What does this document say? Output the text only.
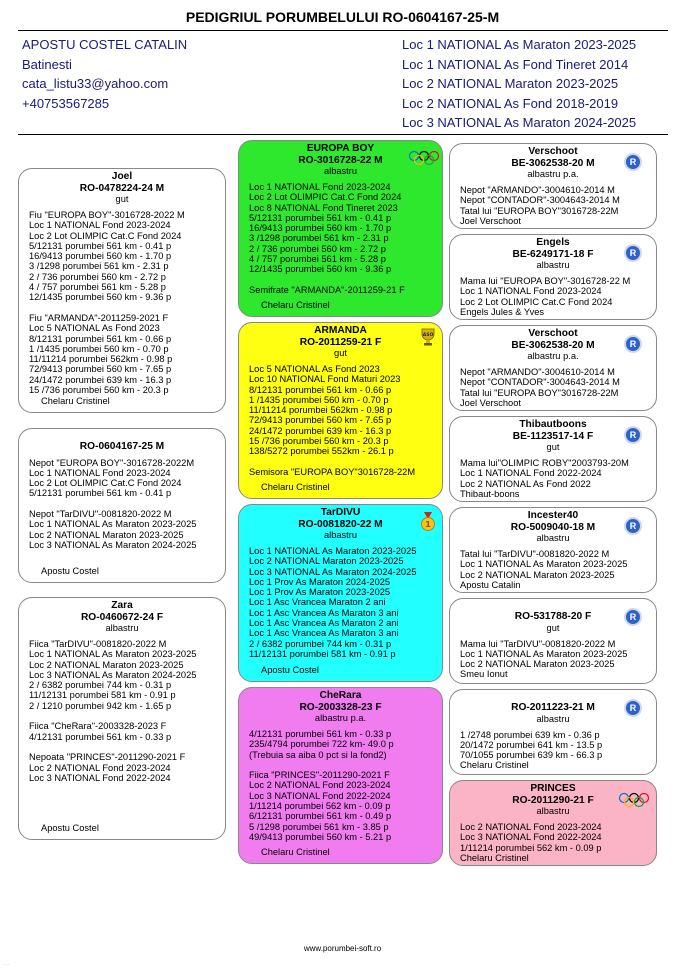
PEDIGRIUL PORUMBELULUI RO-0604167-25-M
APOSTU COSTEL CATALIN
Batinesti
cata_listu33@yahoo.com
+40753567285
Loc 1 NATIONAL As Maraton 2023-2025
Loc 1 NATIONAL As Fond Tineret 2014
Loc 2 NATIONAL Maraton 2023-2025
Loc 2 NATIONAL As Fond 2018-2019
Loc 3 NATIONAL As Maraton 2024-2025
Joel
RO-0478224-24 M
gut
Fiu "EUROPA BOY"-3016728-2022 M
Loc 1 NATIONAL Fond 2023-2024
Loc 2 Lot OLIMPIC Cat.C Fond 2024
5/12131 porumbei 561 km - 0.41 p
16/9413 porumbei 560 km - 1.70 p
3 /1298 porumbei 561 km - 2.31 p
2 / 736 porumbei 560 km - 2.72 p
4 / 757 porumbei 561 km - 5.28 p
12/1435 porumbei 560 km - 9.36 p
Fiu "ARMANDA"-2011259-2021 F
Loc 5 NATIONAL As Fond 2023
8/12131 porumbei 561 km - 0.66 p
1 /1435 porumbei 560 km - 0.70 p
11/11214 porumbei 562km - 0.98 p
72/9413 porumbei 560 km - 7.65 p
24/1472 porumbei 639 km - 16.3 p
15 /736 porumbei 560 km - 20.3 p
Chelaru Cristinel
RO-0604167-25 M
Nepot "EUROPA BOY"-3016728-2022M
Loc 1 NATIONAL Fond 2023-2024
Loc 2 Lot OLIMPIC Cat.C Fond 2024
5/12131 porumbei 561 km - 0.41 p
Nepot "TarDIVU"-0081820-2022 M
Loc 1 NATIONAL As Maraton 2023-2025
Loc 2 NATIONAL Maraton 2023-2025
Loc 3 NATIONAL As Maraton 2024-2025
Apostu Costel
Zara
RO-0460672-24 F
albastru
Fiica "TarDIVU"-0081820-2022 M
Loc 1 NATIONAL As Maraton 2023-2025
Loc 2 NATIONAL Maraton 2023-2025
Loc 3 NATIONAL As Maraton 2024-2025
2 / 6382 porumbei 744 km - 0.31 p
11/12131 porumbei 581 km - 0.91 p
2 / 1210 porumbei 942 km - 1.65 p
Fiica "CheRara"-2003328-2023 F
4/12131 porumbei 561 km - 0.33 p
Nepoata "PRINCES"-2011290-2021 F
Loc 2 NATIONAL Fond 2023-2024
Loc 3 NATIONAL Fond 2022-2024
Apostu Costel
EUROPA BOY
RO-3016728-22 M
albastru
Loc 1 NATIONAL Fond 2023-2024
Loc 2 Lot OLIMPIC Cat.C Fond 2024
Loc 8 NATIONAL Fond Tineret 2023
5/12131 porumbei 561 km - 0.41 p
16/9413 porumbei 560 km - 1.70 p
3 /1298 porumbei 561 km - 2.31 p
2 / 736 porumbei 560 km - 2.72 p
4 / 757 porumbei 561 km - 5.28 p
12/1435 porumbei 560 km - 9.36 p
Semifrate "ARMANDA"-2011259-21 F
Chelaru Cristinel
ARMANDA
RO-2011259-21 F
gut
Loc 5 NATIONAL As Fond 2023
Loc 10 NATIONAL Fond Maturi 2023
8/12131 porumbei 561 km - 0.66 p
1 /1435 porumbei 560 km - 0.70 p
11/11214 porumbei 562km - 0.98 p
72/9413 porumbei 560 km - 7.65 p
24/1472 porumbei 639 km - 16.3 p
15 /736 porumbei 560 km - 20.3 p
138/5272 porumbei 552km - 26.1 p
Semisora "EUROPA BOY"3016728-22M
Chelaru Cristinel
TarDIVU
RO-0081820-22 M
albastru
Loc 1 NATIONAL As Maraton 2023-2025
Loc 2 NATIONAL Maraton 2023-2025
Loc 3 NATIONAL As Maraton 2024-2025
Loc 1 Prov As Maraton 2024-2025
Loc 1 Prov As Maraton 2023-2025
Loc 1 Asc Vrancea Maraton 2 ani
Loc 1 Asc Vrancea As Maraton 3 ani
Loc 1 Asc Vrancea As Maraton 2 ani
Loc 1 Asc Vrancea As Maraton 3 ani
2 / 6382 porumbei 744 km - 0.31 p
11/12131 porumbei 581 km - 0.91 p
Apostu Costel
CheRara
RO-2003328-23 F
albastru p.a.
4/12131 porumbei 561 km - 0.33 p
235/4794 porumbei 722 km- 49.0 p
(Trebuia sa aiba 0 pct si la fond2)
Fiica "PRINCES"-2011290-2021 F
Loc 2 NATIONAL Fond 2023-2024
Loc 3 NATIONAL Fond 2022-2024
1/11214 porumbei 562 km - 0.09 p
6/12131 porumbei 561 km - 0.49 p
5 /1298 porumbei 561 km - 3.85 p
49/9413 porumbei 560 km - 5.21 p
Chelaru Cristinel
Verschoot
BE-3062538-20 M
albastru p.a.
Nepot "ARMANDO"-3004610-2014 M
Nepot "CONTADOR"-3004643-2014 M
Tatal lui "EUROPA BOY"3016728-22M
Joel Verschoot
R
Engels
BE-6249171-18 F
albastru
Mama lui "EUROPA BOY"-3016728-22 M
Loc 1 NATIONAL Fond 2023-2024
Loc 2 Lot OLIMPIC Cat.C Fond 2024
Engels Jules & Yves
R
Verschoot
BE-3062538-20 M
albastru p.a.
Nepot "ARMANDO"-3004610-2014 M
Nepot "CONTADOR"-3004643-2014 M
Tatal lui "EUROPA BOY"3016728-22M
Joel Verschoot
R
Thibautboons
BE-1123517-14 F
gut
Mama lui"OLIMPIC ROBY"2003793-20M
Loc 1 NATIONAL Fond 2022-2024
Loc 2 NATIONAL As Fond 2022
Thibaut-boons
R
Incester40
RO-5009040-18 M
albastru
Tatal lui "TarDIVU"-0081820-2022 M
Loc 1 NATIONAL As Maraton 2023-2025
Loc 2 NATIONAL Maraton 2023-2025
Apostu Catalin
R
RO-531788-20 F
gut
Mama lui "TarDIVU"-0081820-2022 M
Loc 1 NATIONAL As Maraton 2023-2025
Loc 2 NATIONAL Maraton 2023-2025
Smeu Ionut
R
RO-2011223-21 M
albastru
1 /2748 porumbei 639 km - 0.36 p
20/1472 porumbei 641 km - 13.5 p
70/1055 porumbei 639 km - 66.3 p
Chelaru Cristinel
R
PRINCES
RO-2011290-21 F
albastru
Loc 2 NATIONAL Fond 2023-2024
Loc 3 NATIONAL Fond 2022-2024
1/11214 porumbei 562 km - 0.09 p
Chelaru Cristinel
ASO
1
www.porumbei-soft.ro
......
